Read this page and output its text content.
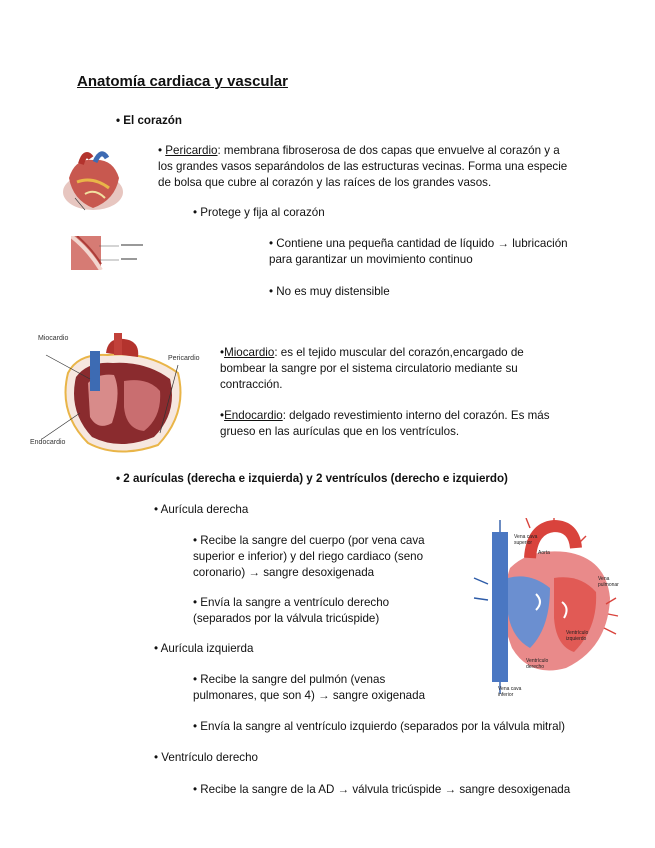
Anatomía cardiaca y vascular
• El corazón
• Pericardio: membrana fibroserosa de dos capas que envuelve al corazón y a
los grandes vasos separándolos de las estructuras vecinas. Forma una especie
de bolsa que cubre al corazón y las raíces de los grandes vasos.
• Protege y fija al corazón
• Contiene una pequeña cantidad de líquido → lubricación
para garantizar un movimiento continuo
• No es muy distensible
Miocardio
Pericardio
Endocardio
•Miocardio: es el tejido muscular del corazón,encargado de
bombear la sangre por el sistema circulatorio mediante su
contracción.
•Endocardio: delgado revestimiento interno del corazón. Es más
grueso en las aurículas que en los ventrículos.
• 2 aurículas (derecha e izquierda) y 2 ventrículos (derecho e izquierdo)
• Aurícula derecha
• Recibe la sangre del cuerpo (por vena cava
superior e inferior) y del riego cardiaco (seno
coronario) → sangre desoxigenada
• Envía la sangre a ventrículo derecho
(separados por la válvula tricúspide)
Vena cava superior
Aorta
Vena pulmonar
Ventrículo derecho
Ventrículo izquierdo
Vena cava inferior
• Aurícula izquierda
• Recibe la sangre del pulmón (venas
pulmonares, que son 4) → sangre oxigenada
• Envía la sangre al ventrículo izquierdo (separados por la válvula mitral)
• Ventrículo derecho
• Recibe la sangre de la AD → válvula tricúspide → sangre desoxigenada
